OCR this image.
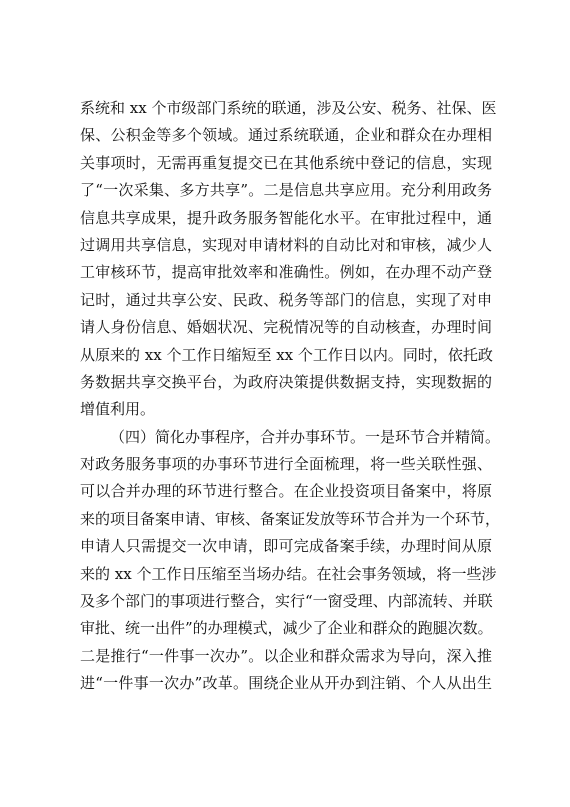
系统和 xx 个市级部门系统的联通，涉及公安、税务、社保、医
保、公积金等多个领域。通过系统联通，企业和群众在办理相
关事项时，无需再重复提交已在其他系统中登记的信息，实现
了“一次采集、多方共享”。二是信息共享应用。充分利用政务
信息共享成果，提升政务服务智能化水平。在审批过程中，通
过调用共享信息，实现对申请材料的自动比对和审核，减少人
工审核环节，提高审批效率和准确性。例如，在办理不动产登
记时，通过共享公安、民政、税务等部门的信息，实现了对申
请人身份信息、婚姻状况、完税情况等的自动核查，办理时间
从原来的 xx 个工作日缩短至 xx 个工作日以内。同时，依托政
务数据共享交换平台，为政府决策提供数据支持，实现数据的
增值利用。
（四）简化办事程序，合并办事环节。一是环节合并精简。
对政务服务事项的办事环节进行全面梳理，将一些关联性强、
可以合并办理的环节进行整合。在企业投资项目备案中，将原
来的项目备案申请、审核、备案证发放等环节合并为一个环节，
申请人只需提交一次申请，即可完成备案手续，办理时间从原
来的 xx 个工作日压缩至当场办结。在社会事务领域，将一些涉
及多个部门的事项进行整合，实行“一窗受理、内部流转、并联
审批、统一出件”的办理模式，减少了企业和群众的跑腿次数。
二是推行“一件事一次办”。以企业和群众需求为导向，深入推
进“一件事一次办”改革。围绕企业从开办到注销、个人从出生
